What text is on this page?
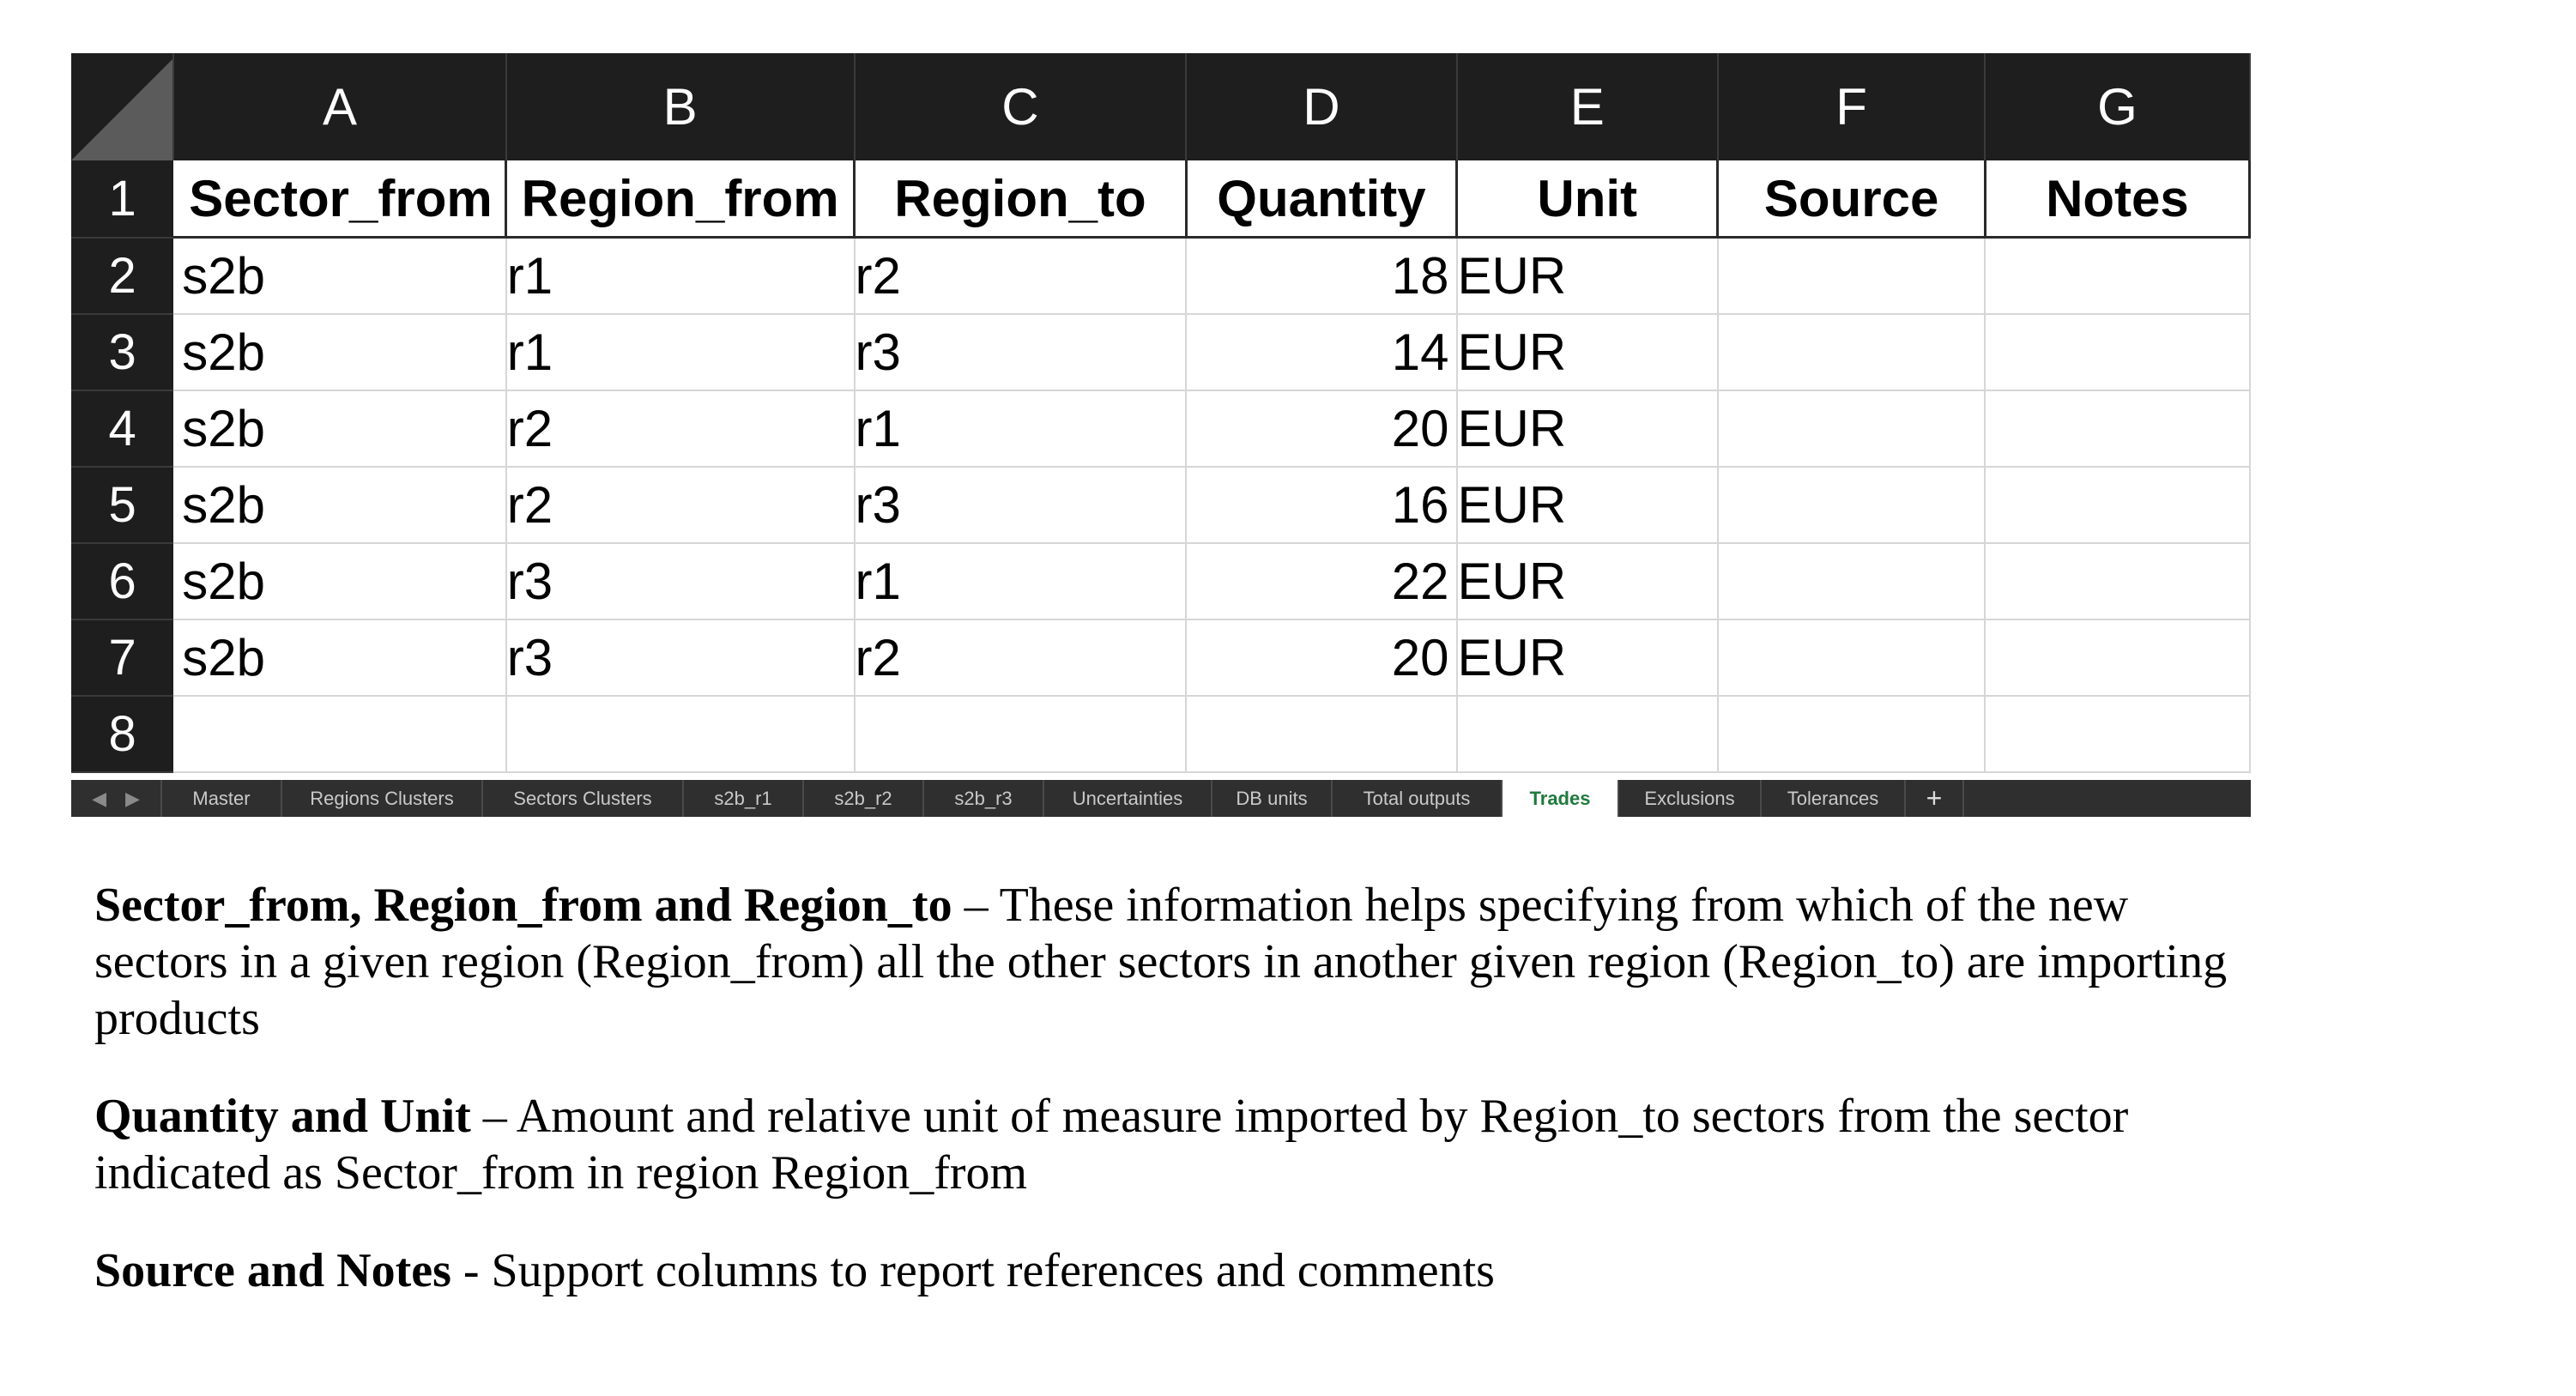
	A	B	C	D	E	F	G
1	Sector_from	Region_from	Region_to	Quantity	Unit	Source	Notes
2	s2b	r1	r2	18	EUR		
3	s2b	r1	r3	14	EUR		
4	s2b	r2	r1	20	EUR		
5	s2b	r2	r3	16	EUR		
6	s2b	r3	r1	22	EUR		
7	s2b	r3	r2	20	EUR		
8							
◀ ▶	Master	Regions Clusters	Sectors Clusters	s2b_r1	s2b_r2	s2b_r3	Uncertainties	DB units	Total outputs	Trades	Exclusions	Tolerances	+

Sector_from, Region_from and Region_to – These information helps specifying from which of the new sectors in a given region (Region_from) all the other sectors in another given region (Region_to) are importing products

Quantity and Unit – Amount and relative unit of measure imported by Region_to sectors from the sector indicated as Sector_from in region Region_from

Source and Notes - Support columns to report references and comments
